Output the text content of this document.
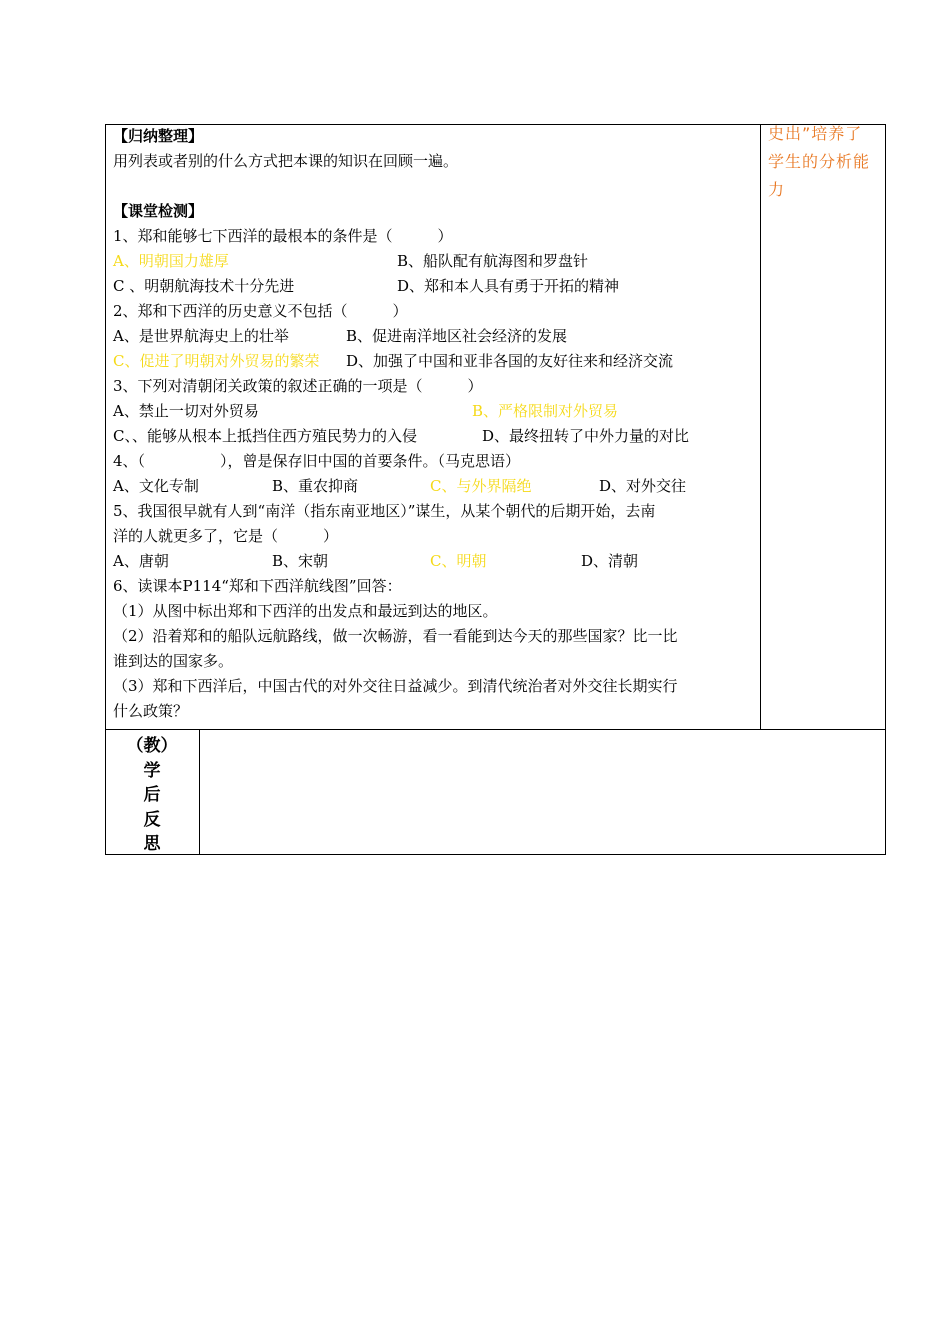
史出”培养了
学生的分析能
力
【归纳整理】
用列表或者别的什么方式把本课的知识在回顾一遍。
【课堂检测】
1、郑和能够七下西洋的最根本的条件是（　　　）
A、明朝国力雄厚	B、船队配有航海图和罗盘针
C 、明朝航海技术十分先进	D、郑和本人具有勇于开拓的精神
2、郑和下西洋的历史意义不包括（　　　）
A、是世界航海史上的壮举	B、促进南洋地区社会经济的发展
C、促进了明朝对外贸易的繁荣 D、加强了中国和亚非各国的友好往来和经济交流
3、下列对清朝闭关政策的叙述正确的一项是（　　　）
A、禁止一切对外贸易	B、严格限制对外贸易
C、、能够从根本上抵挡住西方殖民势力的入侵	D、最终扭转了中外力量的对比
4、（　　　　　），曾是保存旧中国的首要条件。（马克思语）
A、文化专制	B、重农抑商	C、与外界隔绝	D、对外交往
5、我国很早就有人到“南洋（指东南亚地区）”谋生，从某个朝代的后期开始，去南
洋的人就更多了，它是（　　　）
A、唐朝	B、宋朝	C、明朝	D、清朝
6、读课本P114“郑和下西洋航线图”回答：
（1）从图中标出郑和下西洋的出发点和最远到达的地区。
（2）沿着郑和的船队远航路线，做一次畅游，看一看能到达今天的那些国家？比一比
谁到达的国家多。
（3）郑和下西洋后，中国古代的对外交往日益减少。到清代统治者对外交往长期实行
什么政策？
（教）
学
后
反
思
